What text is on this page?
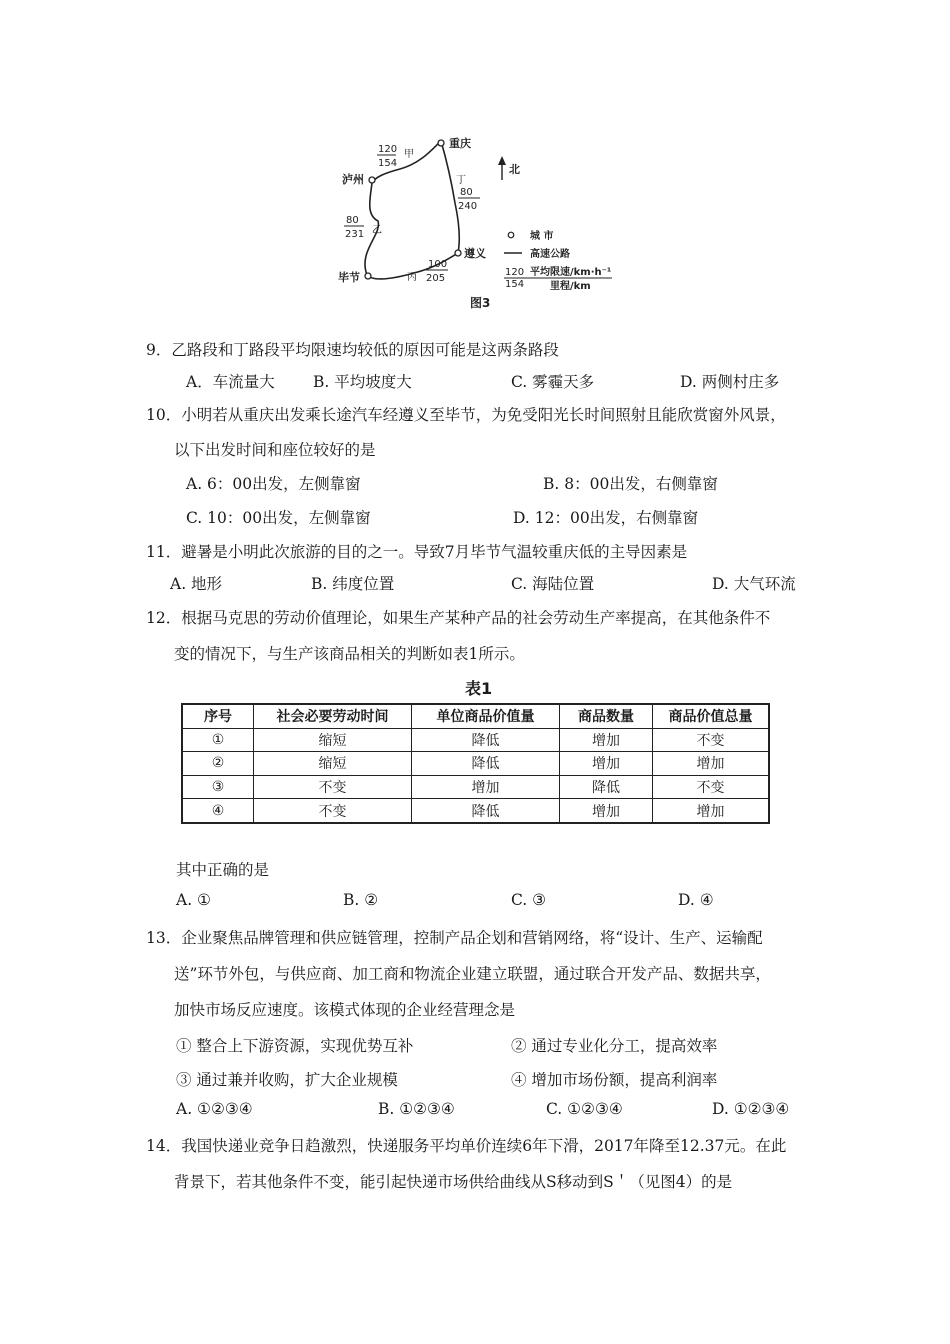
重庆
泸州
遵义
毕节
120
154
甲
80
231 乙
丁
80
240
丙
100
205
北
城 市
高速公路
120
154
平均限速/km·h⁻¹
里程/km
图3
9．乙路段和丁路段平均限速均较低的原因可能是这两条路段
A．车流量大 B. 平均坡度大	C. 雾霾天多	D. 两侧村庄多
10．小明若从重庆出发乘长途汽车经遵义至毕节，为免受阳光长时间照射且能欣赏窗外风景，
以下出发时间和座位较好的是
A. 6：00出发，左侧靠窗	B. 8：00出发，右侧靠窗
C. 10：00出发，左侧靠窗	D. 12：00出发，右侧靠窗
11．避暑是小明此次旅游的目的之一。导致7月毕节气温较重庆低的主导因素是
A. 地形	B. 纬度位置	C. 海陆位置	D. 大气环流
12．根据马克思的劳动价值理论，如果生产某种产品的社会劳动生产率提高，在其他条件不
变的情况下，与生产该商品相关的判断如表1所示。
表1
序号	社会必要劳动时间	单位商品价值量	商品数量	商品价值总量
①	缩短	降低	增加	不变
②	缩短	降低	增加	增加
③	不变	增加	降低	不变
④	不变	降低	增加	增加
其中正确的是
A. ①	B. ②	C. ③	D. ④
13．企业聚焦品牌管理和供应链管理，控制产品企划和营销网络，将“设计、生产、运输配
送”环节外包，与供应商、加工商和物流企业建立联盟，通过联合开发产品、数据共享，
加快市场反应速度。该模式体现的企业经营理念是
① 整合上下游资源，实现优势互补	② 通过专业化分工，提高效率
③ 通过兼并收购，扩大企业规模	④ 增加市场份额，提高利润率
A. ①②③④	B. ①②③④	C. ①②③④	D. ①②③④
14．我国快递业竞争日趋激烈，快递服务平均单价连续6年下滑，2017年降至12.37元。在此
背景下，若其他条件不变，能引起快递市场供给曲线从S移动到S＇（见图4）的是
